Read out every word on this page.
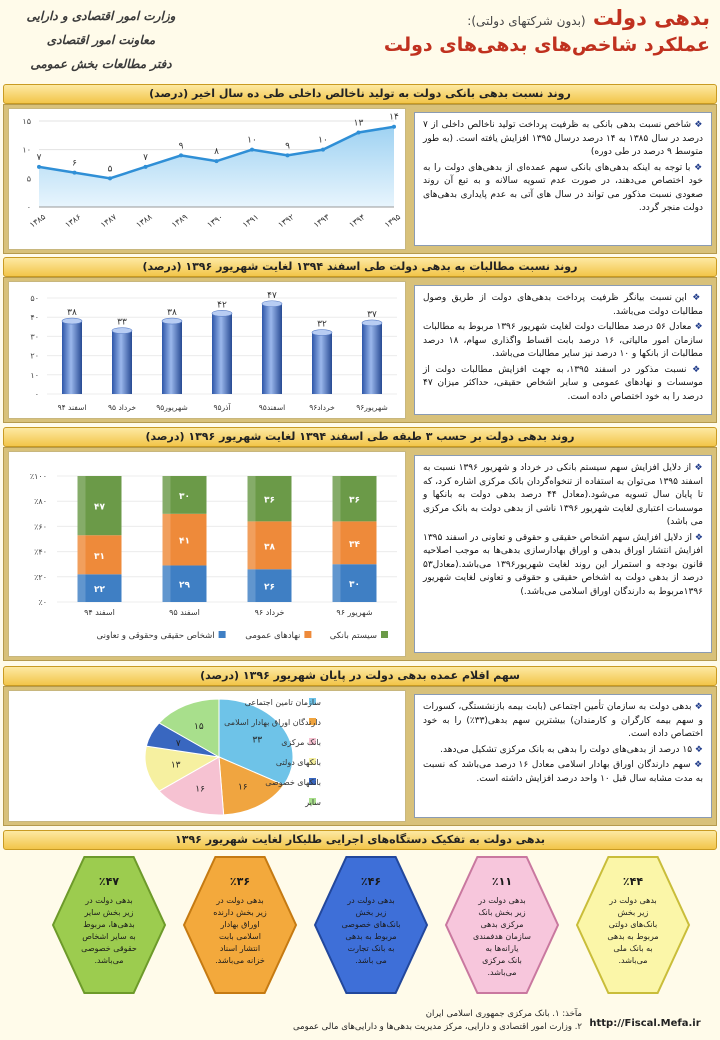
بدهی دولت (بدون شرکتهای دولتی):
عملکرد شاخص‌های بدهی‌های دولت
وزارت امور اقتصادی و دارایی
معاونت امور اقتصادی
دفتر مطالعات بخش عمومی
روند نسبت بدهی بانکی دولت به تولید ناخالص داخلی طی ده سال اخیر (درصد)
۰
۵
۱۰
۱۵
۷
۱۳۸۵
۶
۱۳۸۶
۵
۱۳۸۷
۷
۱۳۸۸
۹
۱۳۸۹
۸
۱۳۹۰
۱۰
۱۳۹۱
۹
۱۳۹۲
۱۰
۱۳۹۳
۱۳
۱۳۹۴
۱۴
۱۳۹۵

❖ شاخص نسبت بدهی بانکی به ظرفیت پرداخت تولید ناخالص داخلی از ۷ درصد در سال ۱۳۸۵ به ۱۴ درصد درسال ۱۳۹۵ افزایش یافته است. (به طور متوسط ۹ درصد در طی دوره)

❖ با توجه به اینکه بدهی‌های بانکی سهم عمده‌ای از بدهی‌های دولت را به خود اختصاص می‌دهند، در صورت عدم تسویه سالانه و به تبع آن روند صعودی نسبت مذکور می تواند در سال های آتی به عدم پایداری بدهی‌های دولت منجر گردد.

روند نسبت مطالبات به بدهی دولت طی اسفند ۱۳۹۴ لغایت شهریور ۱۳۹۶ (درصد)
۰
۱۰
۲۰
۳۰
۴۰
۵۰
۳۸
اسفند ۹۴
۳۳
خرداد ۹۵
۳۸
شهریور۹۵
۴۲
آذر۹۵
۴۷
اسفند۹۵
۳۲
خرداد۹۶
۳۷
شهریور۹۶

❖ این نسبت بیانگر ظرفیت پرداخت بدهی‌های دولت از طریق وصول مطالبات دولت می‌باشد.

❖ معادل ۵۶ درصد مطالبات دولت لغایت شهریور ۱۳۹۶ مربوط به مطالبات سازمان امور مالیاتی، ۱۶ درصد بابت اقساط واگذاری سهام، ۱۸ درصد مطالبات از بانکها و ۱۰ درصد نیز سایر مطالبات می‌باشد.

❖ نسبت مذکور در اسفند ۱۳۹۵، به جهت افزایش مطالبات دولت از موسسات و نهادهای عمومی و سایر اشخاص حقیقی، حداکثر میزان ۴۷ درصد را به خود اختصاص داده است.

روند بدهی دولت بر حسب ۳ طبقه طی اسفند ۱۳۹۴ لغایت شهریور ۱۳۹۶ (درصد)
٪۰
٪۲۰
٪۴۰
٪۶۰
٪۸۰
٪۱۰۰
۲۲
۳۱
۴۷
اسفند ۹۴
۲۹
۴۱
۳۰
اسفند ۹۵
۲۶
۳۸
۳۶
خرداد ۹۶
۳۰
۳۴
۳۶
شهریور ۹۶
سیستم بانکی
نهادهای عمومی
اشخاص حقیقی وحقوقی و تعاونی

❖ از دلایل افزایش سهم سیستم بانکی در خرداد و شهریور ۱۳۹۶ نسبت به اسفند ۱۳۹۵ می‌توان به استفاده از تنخواه‌گردان بانک مرکزی اشاره کرد، که تا پایان سال تسویه می‌شود.(معادل ۴۴ درصد بدهی دولت به بانکها و موسسات اعتباری لغایت شهریور ۱۳۹۶ ناشی از بدهی دولت به بانک مرکزی می باشد)

❖ از دلایل افزایش سهم اشخاص حقیقی و حقوقی و تعاونی در اسفند ۱۳۹۵ افزایش انتشار اوراق بدهی و اوراق بهادارسازی بدهی‌ها به موجب اصلاحیه قانون بودجه و استمرار این روند لغایت شهریور۱۳۹۶ می‌باشد.(معادل۵۳ درصد از بدهی دولت به اشخاص حقیقی و حقوقی و تعاونی لغایت شهریور ۱۳۹۶مربوط به دارندگان اوراق اسلامی می‌باشد.)

سهم اقلام عمده بدهی دولت در پایان شهریور ۱۳۹۶ (درصد)
۳۳
۱۶
۱۶
۱۳
۷
۱۵
سازمان تامین اجتماعی
دارندگان اوراق بهادار اسلامی
بانک مرکزی
بانکهای دولتی
بانکهای خصوصی
سایر

❖ بدهی دولت به سازمان تأمین اجتماعی (بابت بیمه بازنشستگی، کسورات و سهم بیمه کارگران و کارمندان) بیشترین سهم بدهی(۳۳٪) را به خود اختصاص داده است.

❖ ۱۵ درصد از بدهی‌های دولت را بدهی به بانک مرکزی تشکیل می‌دهد.

❖ سهم دارندگان اوراق بهادار اسلامی معادل ۱۶ درصد می‌باشد که نسبت به مدت مشابه سال قبل ۱۰ واحد درصد افزایش داشته است.

بدهی دولت به تفکیک دستگاه‌های اجرایی طلبکار لغایت شهریور ۱۳۹۶
٪۴۷
بدهی دولت در
زیر بخش سایر
بدهی‌ها، مربوط
به سایر اشخاص
حقوقی خصوصی
می‌باشد.
٪۳۶
بدهی دولت در
زیر بخش دارنده
اوراق بهادار
اسلامی بابت
انتشار اسناد
خزانه می‌باشد.
٪۴۶
بدهی دولت در
زیر بخش
بانک‌های خصوصی
مربوط به بدهی
به بانک تجارت
می باشد.
٪۱۱
بدهی دولت در
زیر بخش بانک
مرکزی بدهی
سازمان هدفمندی
یارانه‌ها به
بانک مرکزی
می‌باشد.
٪۴۴
بدهی دولت در
زیر بخش
بانک‌های دولتی
مربوط به بدهی
به بانک ملی
می‌باشد.
مآخذ: ۱. بانک مرکزی جمهوری اسلامی ایران
۲. وزارت امور اقتصادی و دارایی، مرکز مدیریت بدهی‌ها و دارایی‌های مالی عمومی http://Fiscal.Mefa.ir
